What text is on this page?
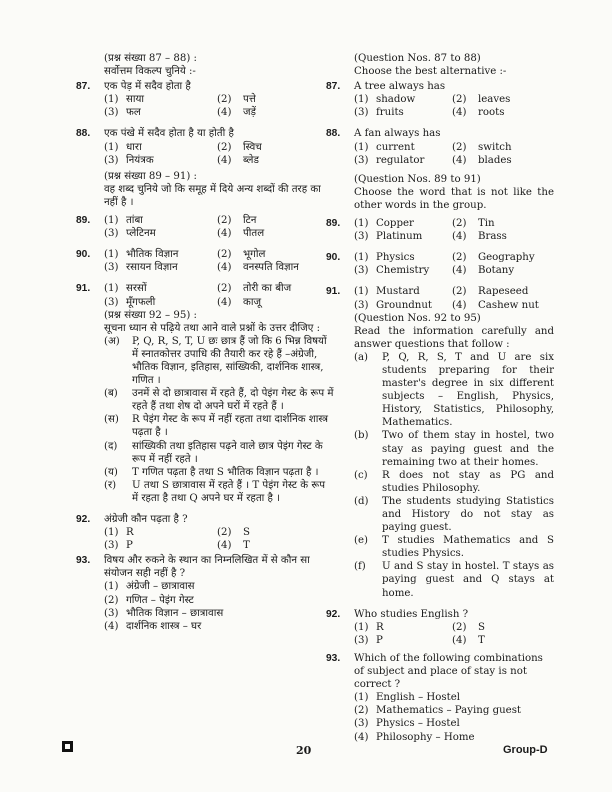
(प्रश्न संख्या 87 – 88) :
सर्वोत्तम विकल्प चुनिये :-
87. एक पेड़ में सदैव होता है
(1) साया	(2)	पत्ते
(3) फल	(4)	जड़ें
88. एक पंखे में सदैव होता है या होती है
(1) धारा	(2)	स्विच
(3) नियंत्रक	(4)	ब्लेड
(प्रश्न संख्या 89 – 91) :
वह शब्द चुनिये जो कि समूह में दिये अन्य शब्दों की तरह का नहीं है ।
89. (1) तांबा	(2)	टिन
(3) प्लेटिनम	(4)	पीतल
90. (1) भौतिक विज्ञान	(2)	भूगोल
(3) रसायन विज्ञान	(4)	वनस्पति विज्ञान
91. (1) सरसों	(2)	तोरी का बीज
(3) मूँगफली	(4)	काजू
(प्रश्न संख्या 92 – 95) :
सूचना ध्यान से पढ़िये तथा आने वाले प्रश्नों के उत्तर दीजिए :
(अ)	P, Q, R, S, T, U छः छात्र हैं जो कि 6 भिन्न विषयों में स्नातकोत्तर उपाधि की तैयारी कर रहे हैं –अंग्रेजी, भौतिक विज्ञान, इतिहास, सांख्यिकी, दार्शनिक शास्त्र, गणित ।
(ब)	उनमें से दो छात्रावास में रहते हैं, दो पेइंग गेस्ट के रूप में रहते हैं तथा शेष दो अपने घरों में रहते हैं ।
(स)	R पेइंग गेस्ट के रूप में नहीं रहता तथा दार्शनिक शास्त्र पढ़ता है ।
(द)	सांख्यिकी तथा इतिहास पढ़ने वाले छात्र पेइंग गेस्ट के रूप में नहीं रहते ।
(य)	T गणित पढ़ता है तथा S भौतिक विज्ञान पढ़ता है ।
(र)	U तथा S छात्रावास में रहते हैं । T पेइंग गेस्ट के रूप में रहता है तथा Q अपने घर में रहता है ।
92. अंग्रेजी कौन पढ़ता है ?
(1) R	(2)	S
(3) P	(4)	T
93. विषय और रुकने के स्थान का निम्नलिखित में से कौन सा संयोजन सही नहीं है ?
(1) अंग्रेजी – छात्रावास
(2) गणित – पेइंग गेस्ट
(3) भौतिक विज्ञान – छात्रावास
(4) दार्शनिक शास्त्र – घर
(Question Nos. 87 to 88)
Choose the best alternative :-
87. A tree always has
(1) shadow	(2)	leaves
(3) fruits	(4)	roots
88. A fan always has
(1) current	(2)	switch
(3) regulator	(4)	blades
(Question Nos. 89 to 91)
Choose the word that is not like the other words in the group.
89. (1) Copper	(2)	Tin
(3) Platinum	(4)	Brass
90. (1) Physics	(2)	Geography
(3) Chemistry	(4)	Botany
91. (1) Mustard	(2)	Rapeseed
(3) Groundnut	(4)	Cashew nut
(Question Nos. 92 to 95)
Read the information carefully and answer questions that follow :
(a)	P, Q, R, S, T and U are six students preparing for their master's degree in six different subjects – English, Physics, History, Statistics, Philosophy, Mathematics.
(b)	Two of them stay in hostel, two stay as paying guest and the remaining two at their homes.
(c)	R does not stay as PG and studies Philosophy.
(d)	The students studying Statistics and History do not stay as paying guest.
(e)	T studies Mathematics and S studies Physics.
(f)	U and S stay in hostel. T stays as paying guest and Q stays at home.
92. Who studies English ?
(1) R	(2)	S
(3) P	(4)	T
93. Which of the following combinations of subject and place of stay is not correct ?
(1) English – Hostel
(2) Mathematics – Paying guest
(3) Physics – Hostel
(4) Philosophy – Home
20	Group-D
